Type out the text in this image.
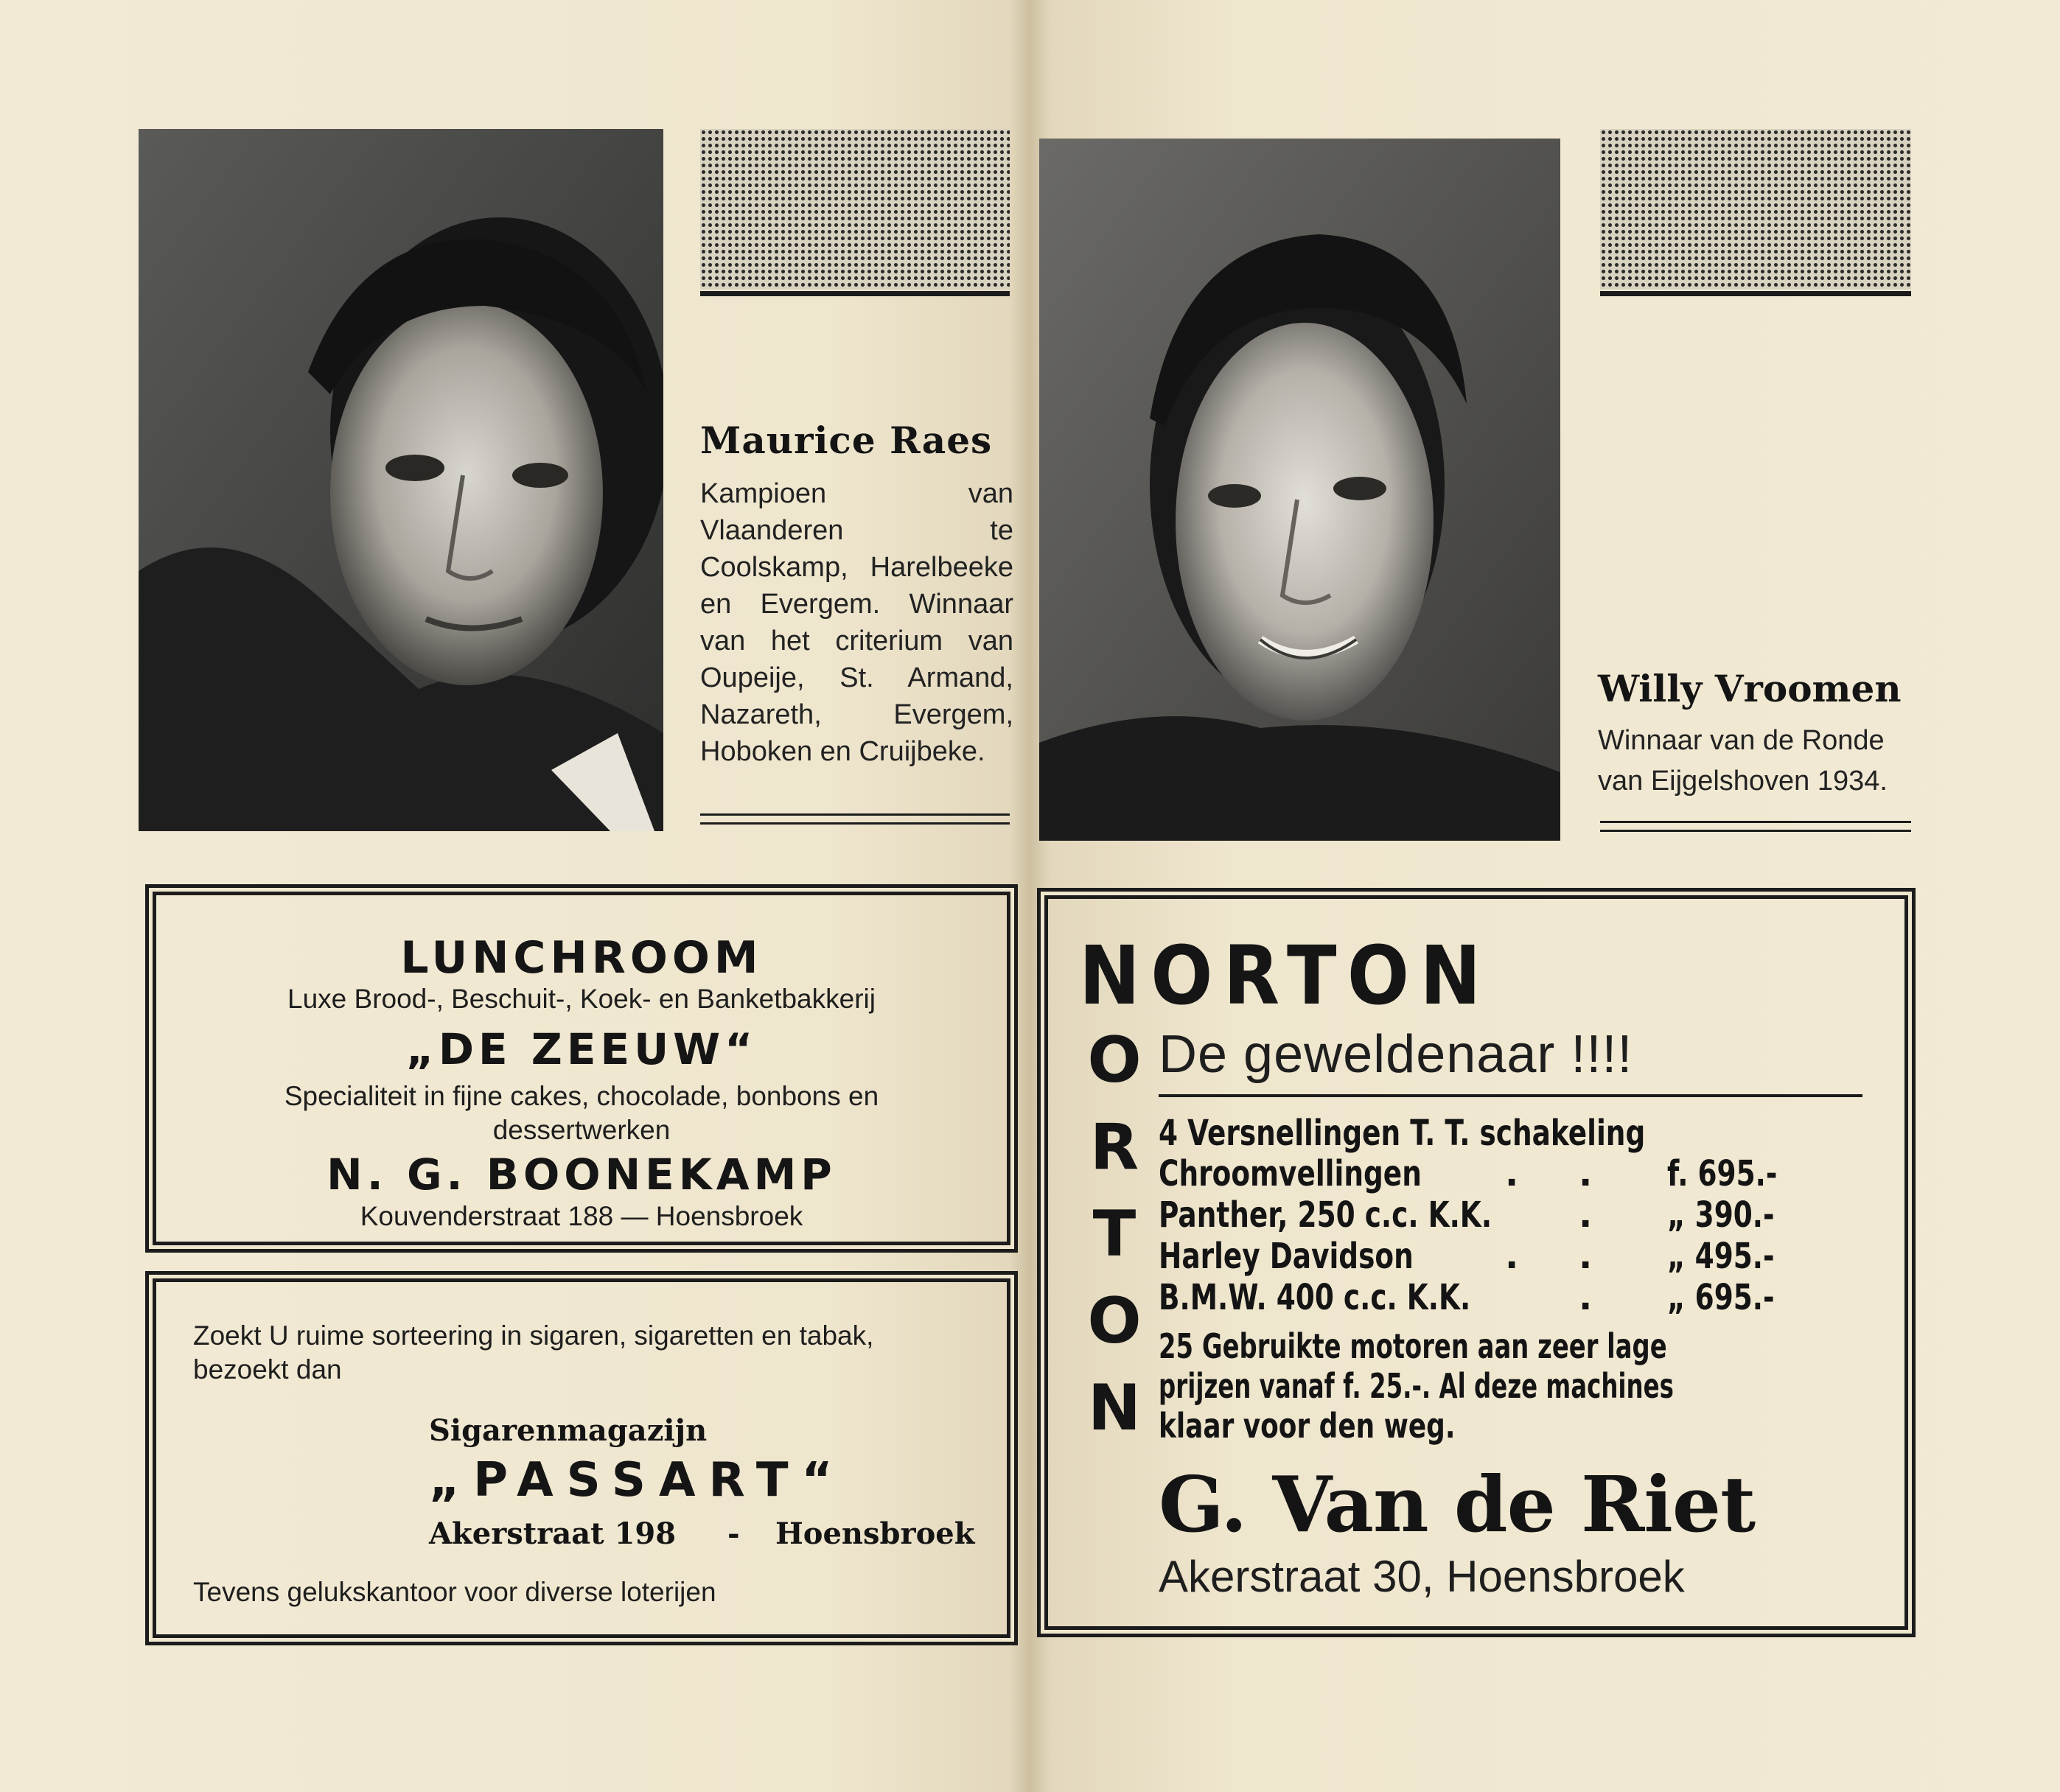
Maurice Raes
Kampioen van Vlaanderen te Coolskamp, Harelbeeke en Evergem. Winnaar van het criterium van Oupeije, St. Armand, Nazareth, Evergem, Hoboken en Cruijbeke.
LUNCHROOM
Luxe Brood-, Beschuit-, Koek- en Banketbakkerij
„DE ZEEUW“
Specialiteit in fijne cakes, chocolade, bonbons en dessertwerken
N. G. BOONEKAMP
Kouvenderstraat 188 — Hoensbroek
Zoekt U ruime sorteering in sigaren, sigaretten en tabak, bezoekt dan
Sigarenmagazijn
„PASSART“
Akerstraat 198 - Hoensbroek
Tevens gelukskantoor voor diverse loterijen
Willy Vroomen
Winnaar van de Ronde
van Eijgelshoven 1934.
NORTON
O
R
T
O
N
De geweldenaar !!!!
4 Versnellingen T. T. schakeling
Chroomvellingen . . f. 695.-
Panther, 250 c.c. K.K. . „ 390.-
Harley Davidson	. . „ 495.-
B.M.W. 400 c.c. K.K.	. „ 695.-
25 Gebruikte motoren aan zeer lage
prijzen vanaf f. 25.-. Al deze machines
klaar voor den weg.
G. Van de Riet
Akerstraat 30, Hoensbroek
